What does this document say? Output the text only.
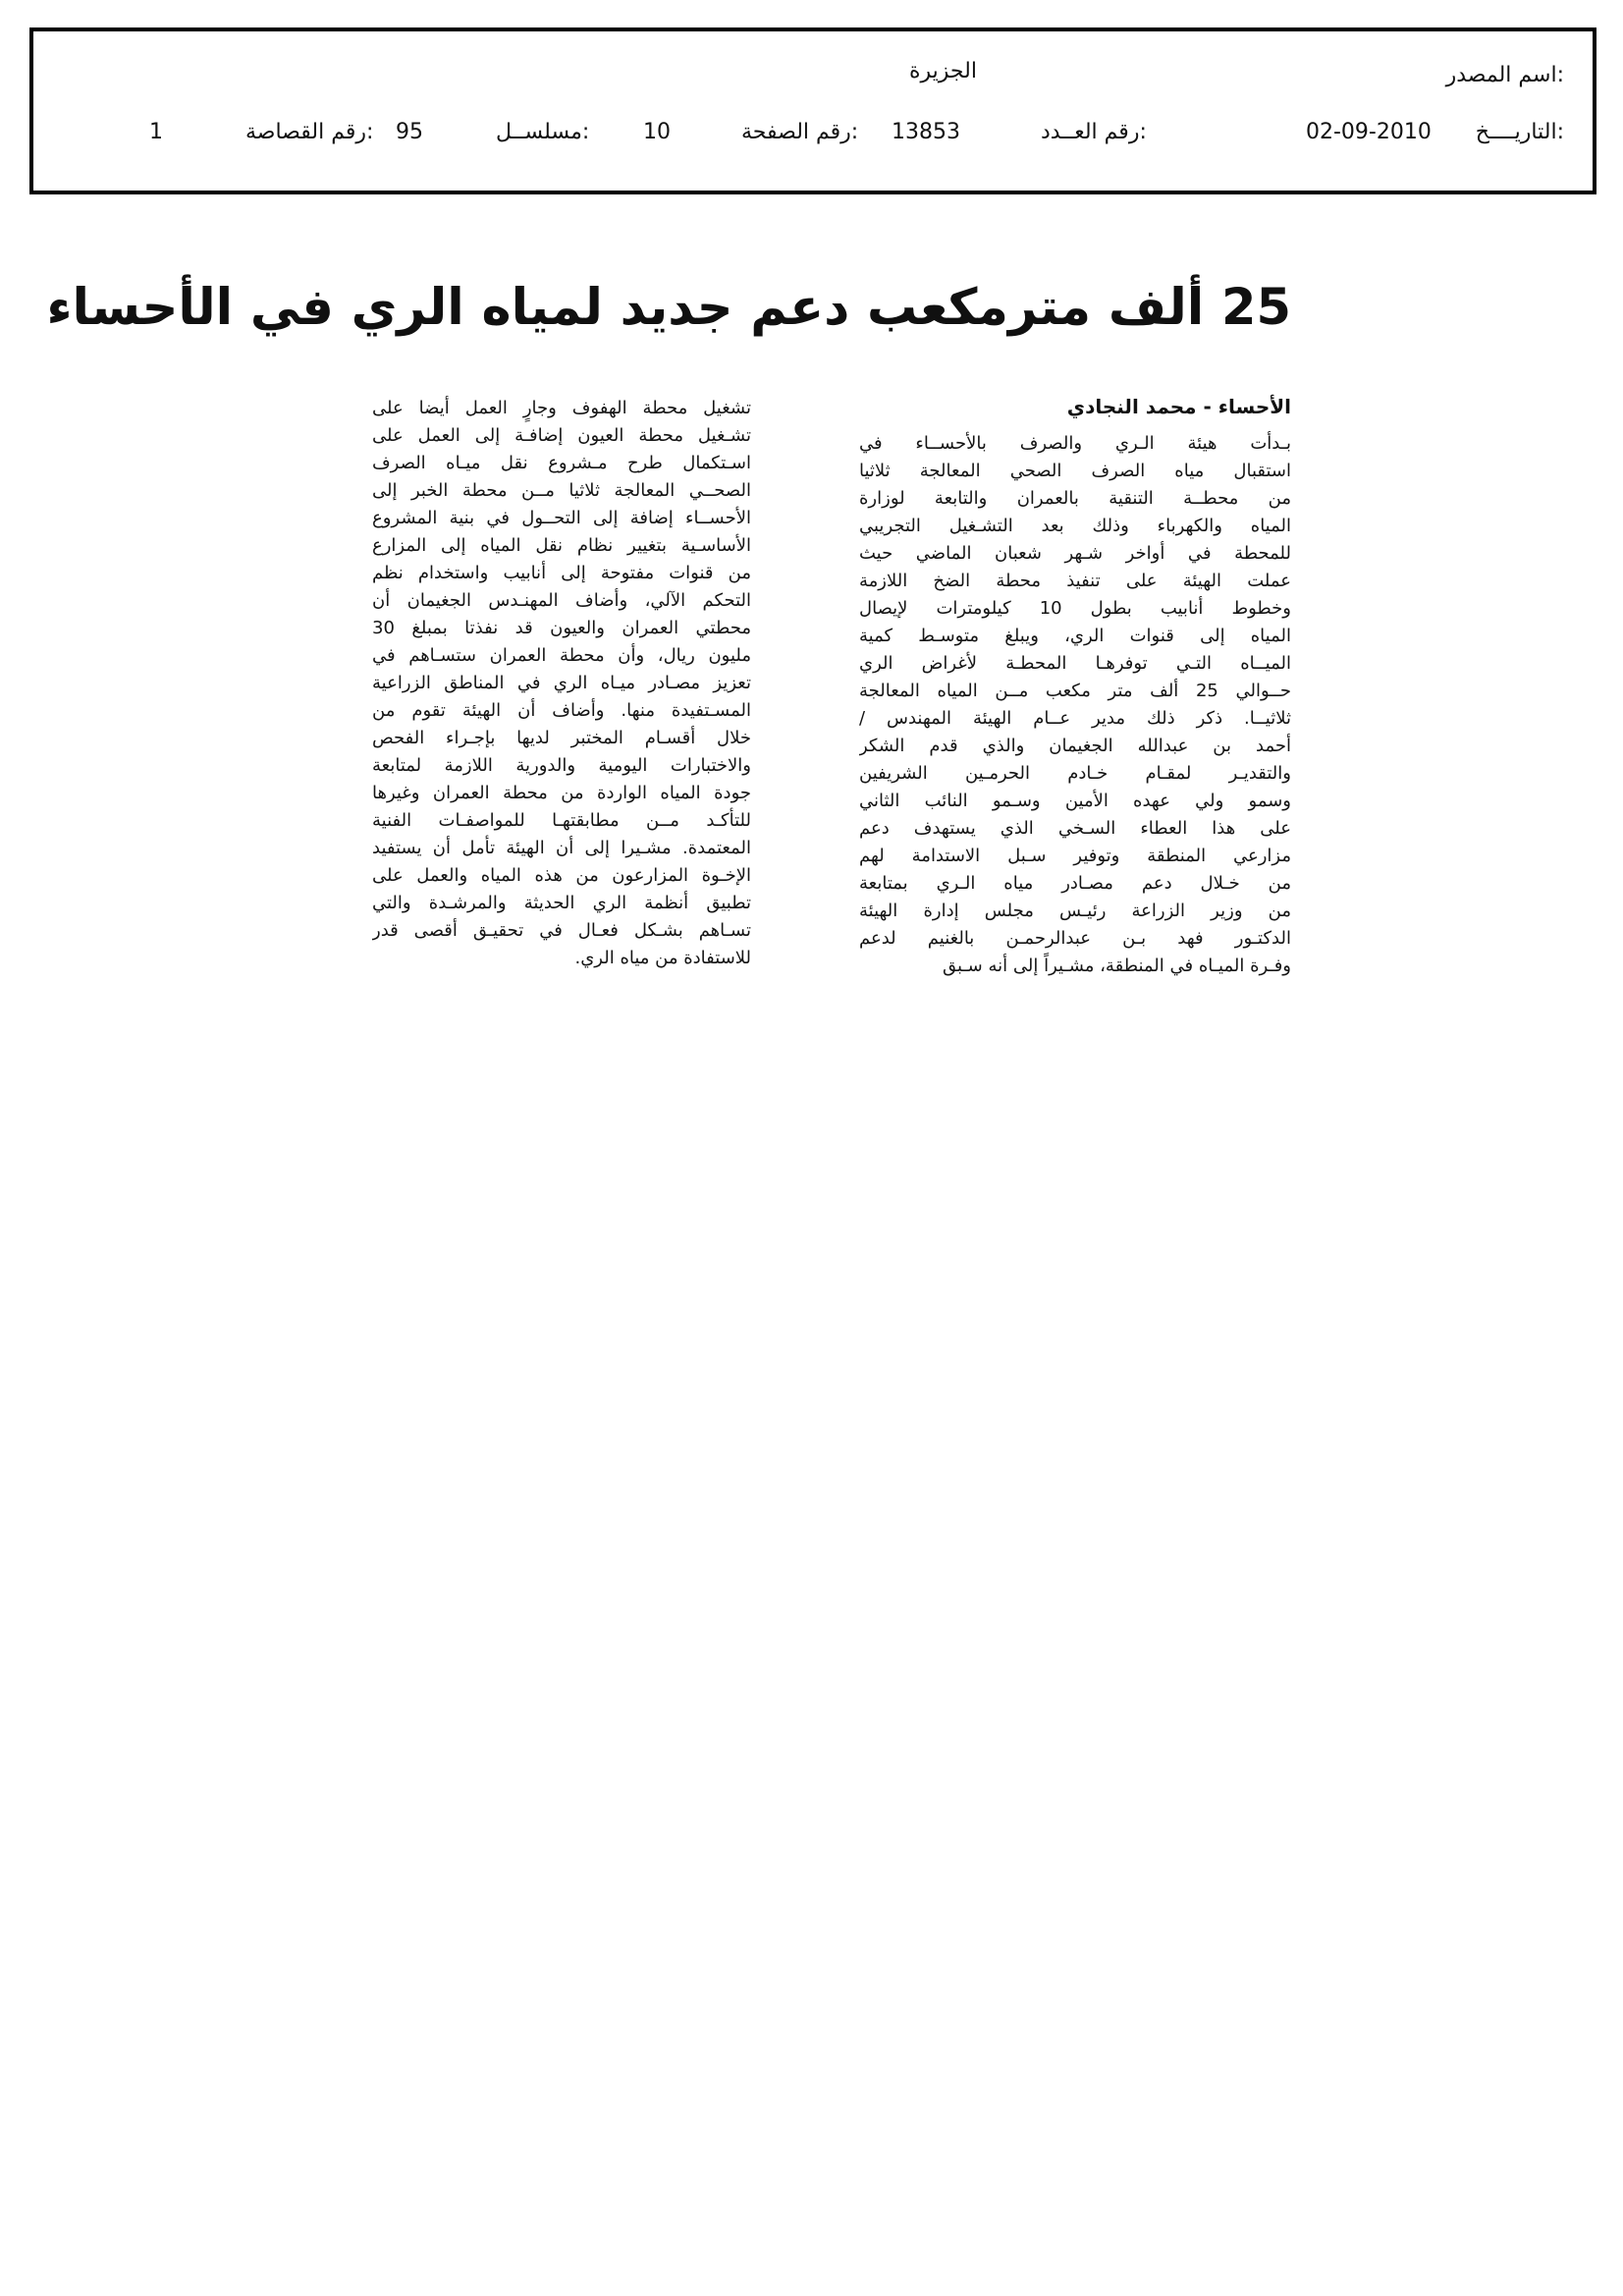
اسم المصدر:
الجزيرة
التاريــــخ:
02-09-2010
رقم العــدد:
13853
رقم الصفحة:
10
مسلســل:
95
رقم القصاصة:
1
25 ألف مترمكعب دعم جديد لمياه الري في الأحساء
الأحساء - محمد النجادي
بـدأت هيئة الـري والصرف بالأحســاء في
استقبال مياه الصرف الصحي المعالجة ثلاثيا
من محطــة التنقية بالعمران والتابعة لوزارة
المياه والكهرباء وذلك بعد التشـغيل التجريبي
للمحطة في أواخر شـهر شعبان الماضي حيث
عملت الهيئة على تنفيذ محطة الضخ اللازمة
وخطوط أنابيب بطول 10 كيلومترات لإيصال
المياه إلى قنوات الري، ويبلغ متوسـط كمية
الميــاه التـي توفرهـا المحطـة لأغراض الري
حــوالي 25 ألف متر مكعب مــن المياه المعالجة
ثلاثيــا. ذكر ذلك مدير عــام الهيئة المهندس /
أحمد بن عبدالله الجغيمان والذي قدم الشكر
والتقديـر لمقـام خـادم الحرمـين الشريفين
وسمو ولي عهده الأمين وسـمو النائب الثاني
على هذا العطاء السـخي الذي يستهدف دعم
مزارعي المنطقة وتوفير سـبل الاستدامة لهم
من خـلال دعم مصـادر مياه الـري بمتابعة
من وزير الزراعة رئيـس مجلس إدارة الهيئة
الدكتـور فهد بـن عبدالرحمـن بالغنيم لدعم
وفـرة الميـاه في المنطقة، مشـيراً إلى أنه سـبق
تشغيل محطة الهفوف وجارٍ العمل أيضا على
تشـغيل محطة العيون إضافـة إلى العمل على
اسـتكمال طرح مـشروع نقل ميـاه الصرف
الصحــي المعالجة ثلاثيا مــن محطة الخبر إلى
الأحســاء إضافة إلى التحــول في بنية المشروع
الأساسـية بتغيير نظام نقل المياه إلى المزارع
من قنوات مفتوحة إلى أنابيب واستخدام نظم
التحكم الآلي، وأضاف المهنـدس الجغيمان أن
محطتي العمران والعيون قد نفذتا بمبلغ 30
مليون ريال، وأن محطة العمران ستسـاهم في
تعزيز مصـادر ميـاه الري في المناطق الزراعية
المسـتفيدة منها. وأضاف أن الهيئة تقوم من
خلال أقسـام المختبر لديها بإجـراء الفحص
والاختبارات اليومية والدورية اللازمة لمتابعة
جودة المياه الواردة من محطة العمران وغيرها
للتأكـد مــن مطابقتهـا للمواصفـات الفنية
المعتمدة. مشـيرا إلى أن الهيئة تأمل أن يستفيد
الإخـوة المزارعون من هذه المياه والعمل على
تطبيق أنظمة الري الحديثة والمرشـدة والتي
تسـاهم بشـكل فعـال في تحقيـق أقصى قدر
للاستفادة من مياه الري.
